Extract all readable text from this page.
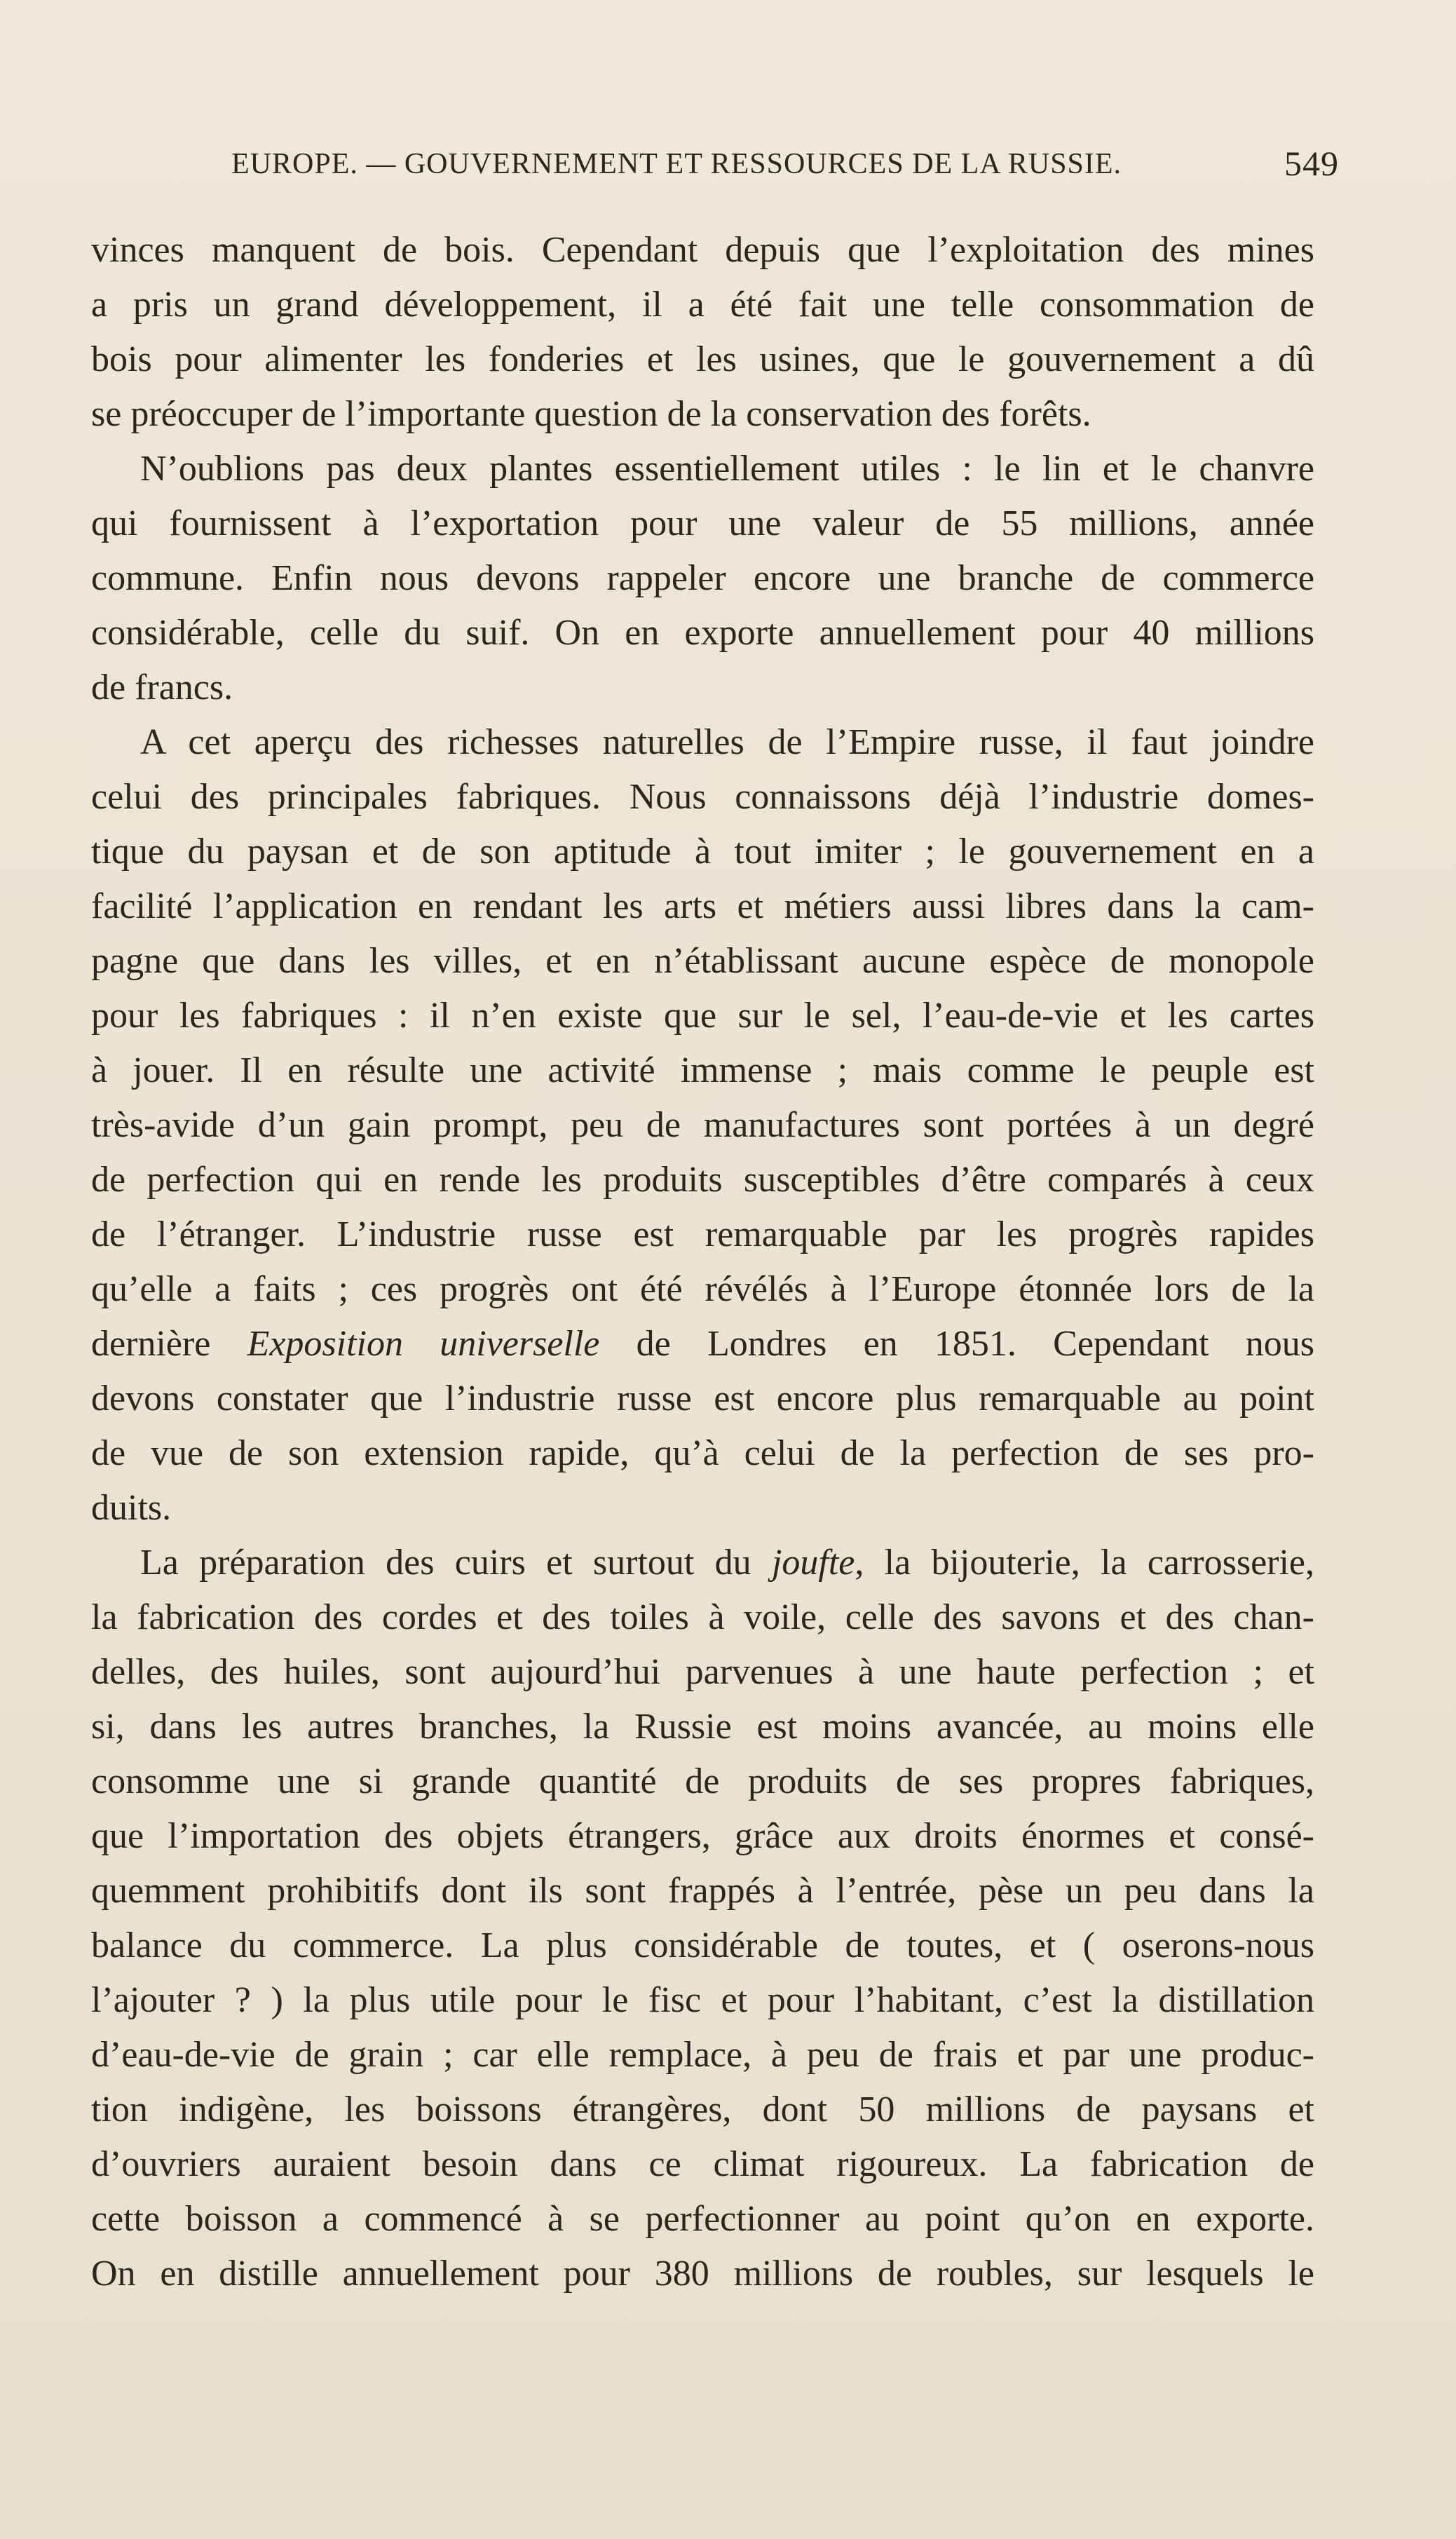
EUROPE. — GOUVERNEMENT ET RESSOURCES DE LA RUSSIE.	549
vinces manquent de bois. Cependant depuis que l’exploitation des mines
a pris un grand développement, il a été fait une telle consommation de
bois pour alimenter les fonderies et les usines, que le gouvernement a dû
se préoccuper de l’importante question de la conservation des forêts.
N’oublions pas deux plantes essentiellement utiles : le lin et le chanvre
qui fournissent à l’exportation pour une valeur de 55 millions, année
commune. Enfin nous devons rappeler encore une branche de commerce
considérable, celle du suif. On en exporte annuellement pour 40 millions
de francs.
A cet aperçu des richesses naturelles de l’Empire russe, il faut joindre
celui des principales fabriques. Nous connaissons déjà l’industrie domes-
tique du paysan et de son aptitude à tout imiter ; le gouvernement en a
facilité l’application en rendant les arts et métiers aussi libres dans la cam-
pagne que dans les villes, et en n’établissant aucune espèce de monopole
pour les fabriques : il n’en existe que sur le sel, l’eau-de-vie et les cartes
à jouer. Il en résulte une activité immense ; mais comme le peuple est
très-avide d’un gain prompt, peu de manufactures sont portées à un degré
de perfection qui en rende les produits susceptibles d’être comparés à ceux
de l’étranger. L’industrie russe est remarquable par les progrès rapides
qu’elle a faits ; ces progrès ont été révélés à l’Europe étonnée lors de la
dernière Exposition universelle de Londres en 1851. Cependant nous
devons constater que l’industrie russe est encore plus remarquable au point
de vue de son extension rapide, qu’à celui de la perfection de ses pro-
duits.
La préparation des cuirs et surtout du joufte, la bijouterie, la carrosserie,
la fabrication des cordes et des toiles à voile, celle des savons et des chan-
delles, des huiles, sont aujourd’hui parvenues à une haute perfection ; et
si, dans les autres branches, la Russie est moins avancée, au moins elle
consomme une si grande quantité de produits de ses propres fabriques,
que l’importation des objets étrangers, grâce aux droits énormes et consé-
quemment prohibitifs dont ils sont frappés à l’entrée, pèse un peu dans la
balance du commerce. La plus considérable de toutes, et ( oserons-nous
l’ajouter ? ) la plus utile pour le fisc et pour l’habitant, c’est la distillation
d’eau-de-vie de grain ; car elle remplace, à peu de frais et par une produc-
tion indigène, les boissons étrangères, dont 50 millions de paysans et
d’ouvriers auraient besoin dans ce climat rigoureux. La fabrication de
cette boisson a commencé à se perfectionner au point qu’on en exporte.
On en distille annuellement pour 380 millions de roubles, sur lesquels le
